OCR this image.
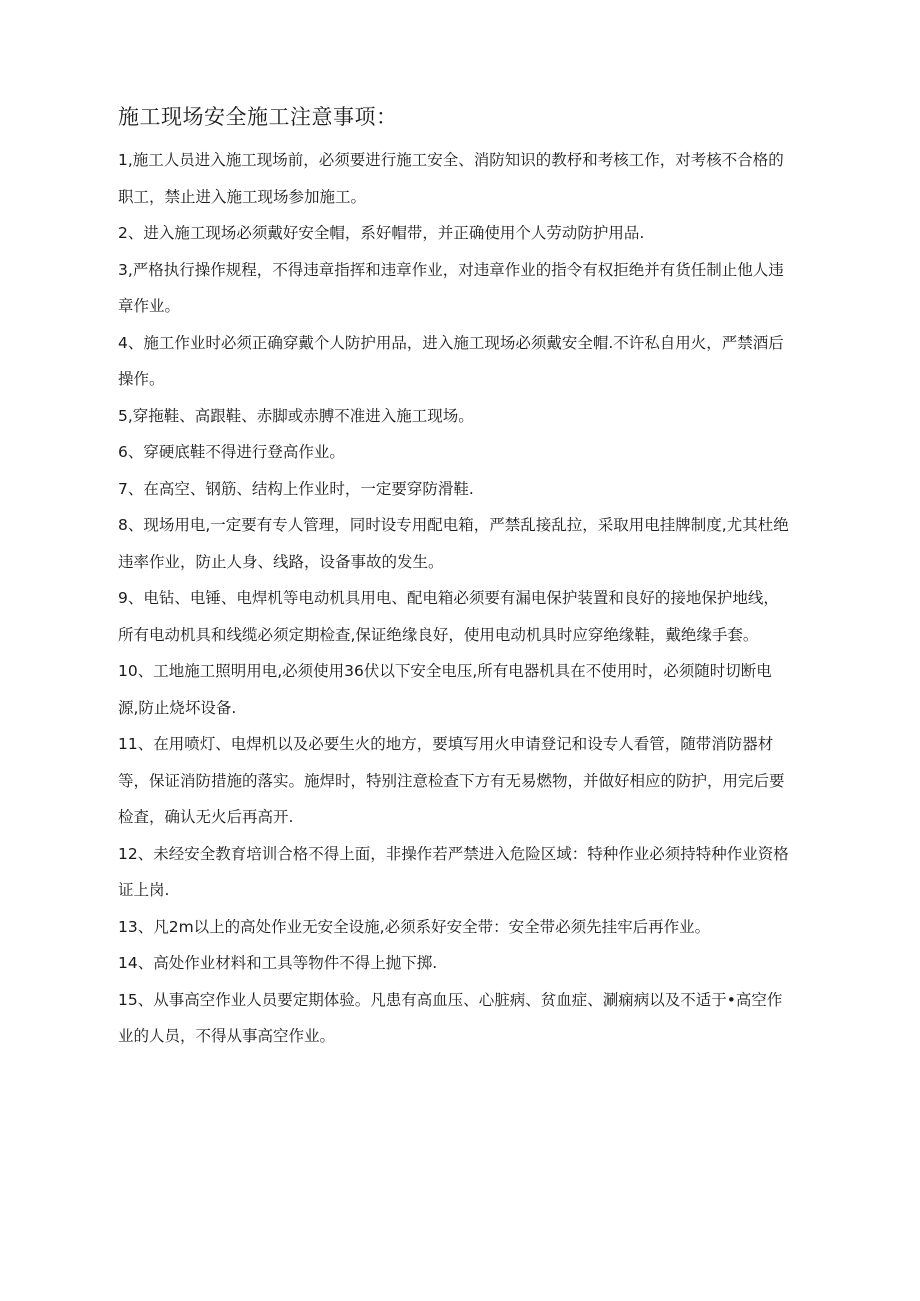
施工现场安全施工注意事项：
1,施工人员进入施工现场前，必须要进行施工安全、消防知识的教杼和考核工作，对考核不合格的职工，禁止进入施工现场参加施工。
2、进入施工现场必须戴好安全帽，系好帽带，并正确使用个人劳动防护用品.
3,严格执行操作规程，不得违章指挥和违章作业，对违章作业的指令有权拒绝并有货任制止他人违章作业。
4、施工作业时必须正确穿戴个人防护用品，进入施工现场必须戴安全帽.不许私自用火，严禁酒后操作。
5,穿拖鞋、高跟鞋、赤脚或赤膊不准进入施工现场。
6、穿硬底鞋不得进行登高作业。
7、在高空、钢筋、结构上作业时，一定要穿防滑鞋.
8、现场用电,一定要有专人管理，同时设专用配电箱，严禁乱接乱拉，采取用电挂牌制度,尤其杜绝违率作业，防止人身、线路，设备事故的发生。
9、电钻、电锤、电焊机等电动机具用电、配电箱必须要有漏电保护装置和良好的接地保护地线，所有电动机具和线缆必须定期检查,保证绝缘良好，使用电动机具时应穿绝缘鞋，戴绝缘手套。
10、工地施工照明用电,必须使用36伏以下安全电压,所有电器机具在不使用时，必须随时切断电源,防止烧坏设备.
11、在用喷灯、电焊机以及必要生火的地方，要填写用火申请登记和设专人看管，随带消防器材等，保证消防措施的落实。施焊时，特别注意检查下方有无易燃物，并做好相应的防护，用完后要检査，确认无火后再高开.
12、未经安全教育培训合格不得上面，非操作若严禁进入危险区域：特种作业必须持特种作业资格证上岗.
13、凡2m以上的高处作业无安全设施,必须系好安全带：安全带必须先挂牢后再作业。
14、高处作业材料和工具等物件不得上抛下掷.
15、从事高空作业人员要定期体验。凡患有高血压、心脏病、贫血症、涮痫病以及不适于•高空作业的人员，不得从事高空作业。
